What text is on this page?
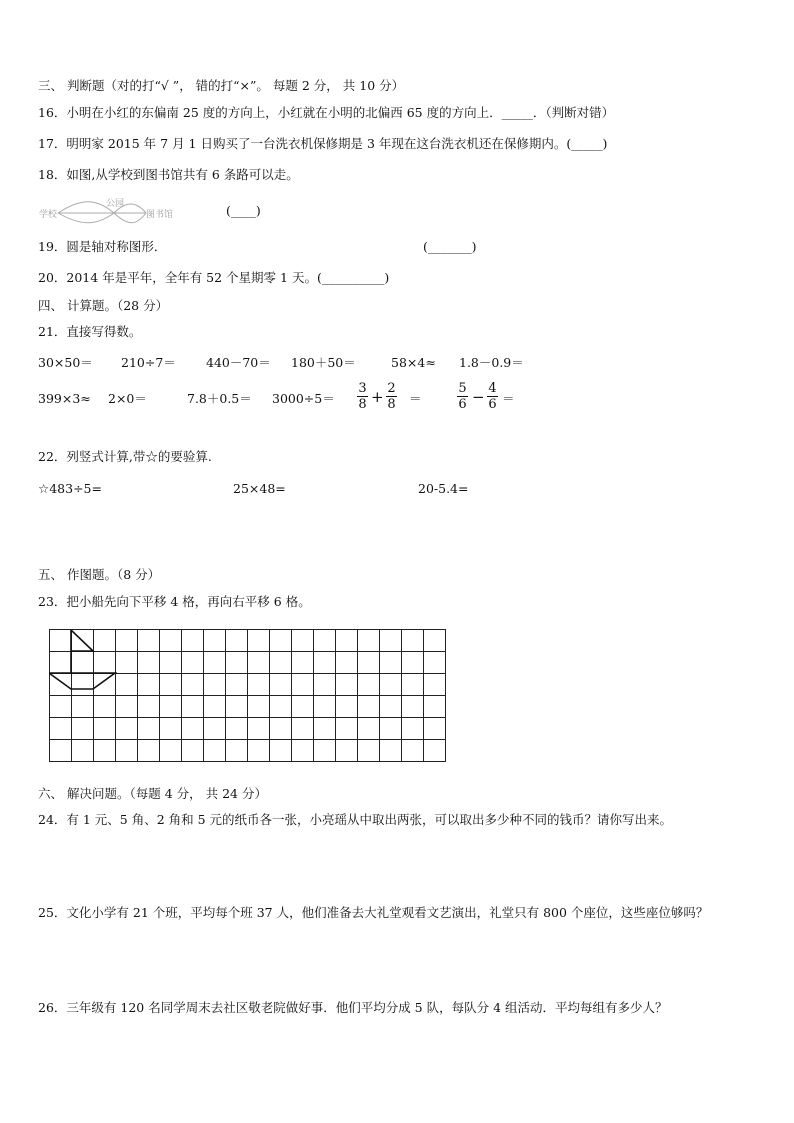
三、 判断题（对的打“√ ”， 错的打“×”。 每题 2 分， 共 10 分）
16．小明在小红的东偏南 25 度的方向上，小红就在小明的北偏西 65 度的方向上．_____．（判断对错）
17．明明家 2015 年 7 月 1 日购买了一台洗衣机保修期是 3 年现在这台洗衣机还在保修期内。(_____)
18．如图,从学校到图书馆共有 6 条路可以走。
学校
公园
图书馆	(____)
19．圆是轴对称图形．	(_______)
20．2014 年是平年，全年有 52 个星期零 1 天。(__________)
四、 计算题。（28 分）
21．直接写得数。
30×50＝ 210÷7＝ 440－70＝ 180＋50＝	58×4≈ 1.8－0.9＝
399×3≈ 2×0＝	7.8＋0.5＝ 3000÷5＝
3
8 + 2
8 ＝
5
6 − 4
6 ＝
22．列竖式计算,带☆的要验算.
☆483÷5=	25×48=	20-5.4=
五、 作图题。（8 分）
23．把小船先向下平移 4 格，再向右平移 6 格。
六、 解决问题。（每题 4 分， 共 24 分）
24．有 1 元、5 角、2 角和 5 元的纸币各一张，小亮瑶从中取出两张，可以取出多少种不同的钱币？请你写出来。
25．文化小学有 21 个班，平均每个班 37 人，他们准备去大礼堂观看文艺演出，礼堂只有 800 个座位，这些座位够吗？
26．三年级有 120 名同学周末去社区敬老院做好事．他们平均分成 5 队，每队分 4 组活动．平均每组有多少人？
